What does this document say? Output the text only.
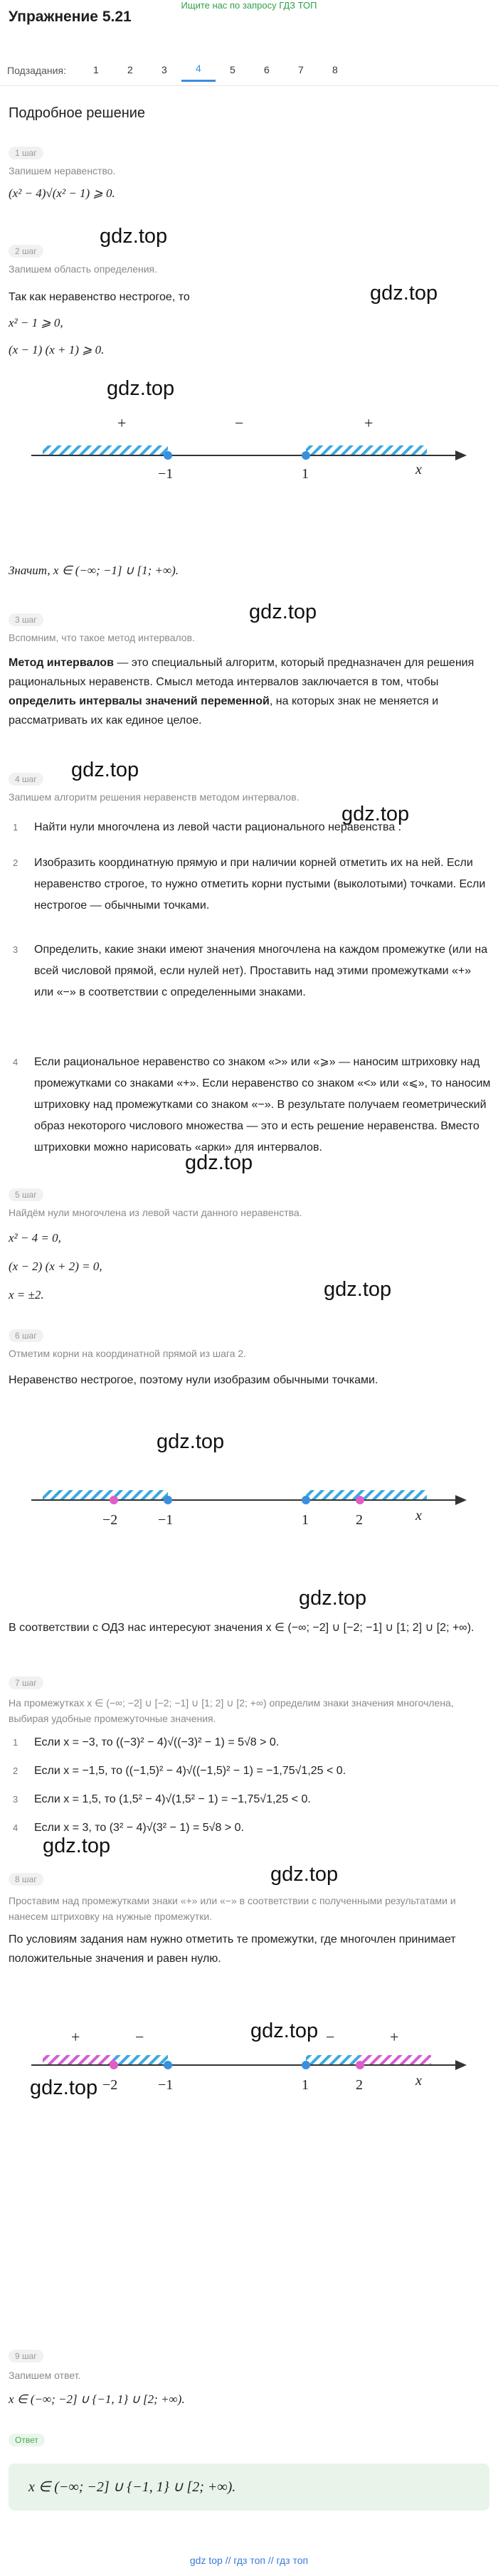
Ищите нас по запросу ГДЗ ТОП
Упражнение 5.21
Подзадания:	1	2	3	4	5	6	7	8
Подробное решение
1 шаг
Запишем неравенство.
(x² − 4)√(x² − 1) ⩾ 0.
gdz.top
2 шаг
Запишем область определения.
gdz.top
Так как неравенство нестрогое, то
x² − 1 ⩾ 0,
(x − 1) (x + 1) ⩾ 0.
gdz.top
+	−	+
−1	1	x
Значит, x ∈ (−∞; −1] ∪ [1; +∞).
gdz.top
3 шаг
Вспомним, что такое метод интервалов.
Метод интервалов — это специальный алгоритм, который предназначен для решения рациональных неравенств. Смысл метода интервалов заключается в том, чтобы определить интервалы значений переменной, на которых знак не меняется и рассматривать их как единое целое.
gdz.top
4 шаг
Запишем алгоритм решения неравенств методом интервалов.
gdz.top
1	Найти нули многочлена из левой части рационального неравенства .
2	Изобразить координатную прямую и при наличии корней отметить их на ней. Если неравенство строгое, то нужно отметить корни пустыми (выколотыми) точками. Если нестрогое — обычными точками.
3	Определить, какие знаки имеют значения многочлена на каждом промежутке (или на всей числовой прямой, если нулей нет). Проставить над этими промежутками «+» или «−» в соответствии с определенными знаками.
4	Если рациональное неравенство со знаком «>» или «⩾» — наносим штриховку над промежутками со знаками «+». Если неравенство со знаком «<» или «⩽», то наносим штриховку над промежутками со знаком «−». В результате получаем геометрический образ некоторого числового множества — это и есть решение неравенства. Вместо штриховки можно нарисовать «арки» для интервалов.
gdz.top
5 шаг
Найдём нули многочлена из левой части данного неравенства.
x² − 4 = 0,
(x − 2) (x + 2) = 0,
gdz.top
x = ±2.
6 шаг
Отметим корни на координатной прямой из шага 2.
Неравенство нестрогое, поэтому нули изобразим обычными точками.
gdz.top
−2	−1	1	2	x
gdz.top
В соответствии с ОДЗ нас интересуют значения x ∈ (−∞; −2] ∪ [−2; −1] ∪ [1; 2] ∪ [2; +∞).
7 шаг
На промежутках x ∈ (−∞; −2] ∪ [−2; −1] ∪ [1; 2] ∪ [2; +∞) определим знаки значения многочлена, выбирая удобные промежуточные значения.
1	Если x = −3, то ((−3)² − 4)√((−3)² − 1) = 5√8 > 0.
2	Если x = −1,5, то ((−1,5)² − 4)√((−1,5)² − 1) = −1,75√1,25 < 0.
3	Если x = 1,5, то (1,5² − 4)√(1,5² − 1) = −1,75√1,25 < 0.
4	Если x = 3, то (3² − 4)√(3² − 1) = 5√8 > 0.
gdz.top
gdz.top
8 шаг
Проставим над промежутками знаки «+» или «−» в соответствии с полученными результатами и нанесем штриховку на нужные промежутки.
По условиям задания нам нужно отметить те промежутки, где многочлен принимает положительные значения и равен нулю.
+	−	−	+
−2	−1	1	2	x
gdz.top
gdz.top
9 шаг
Запишем ответ.
x ∈ (−∞; −2] ∪ {−1, 1} ∪ [2; +∞).
Ответ
x ∈ (−∞; −2] ∪ {−1, 1} ∪ [2; +∞).
gdz top // гдз топ // гдз топ
